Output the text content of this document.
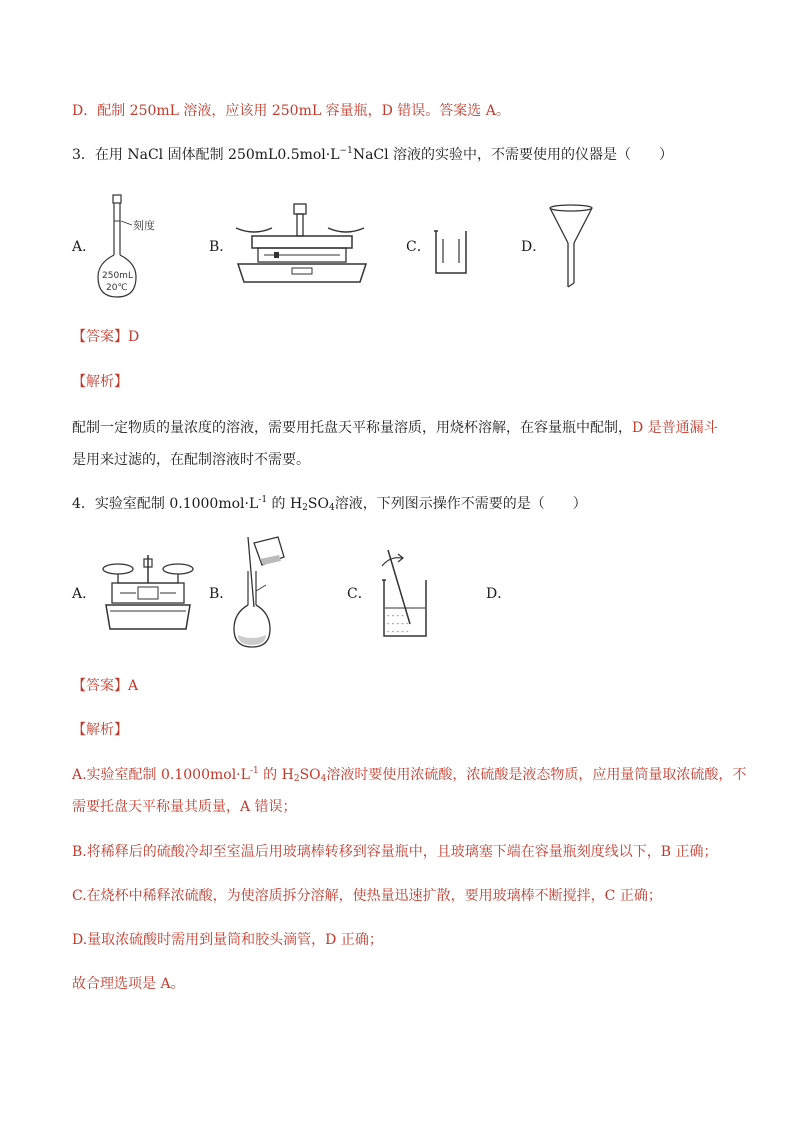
D．配制 250mL 溶液，应该用 250mL 容量瓶，D 错误。答案选 A。
3．在用 NaCl 固体配制 $250mL0.5mol\cdot L^{-1}NaCl$ 溶液的实验中，不需要使用的仪器是（　　）
A．
刻度
250mL
20℃
B．	C．	D．
【答案】D
【解析】
配制一定物质的量浓度的溶液，需要用托盘天平称量溶质，用烧杯溶解，在容量瓶中配制，D 是普通漏斗
是用来过滤的，在配制溶液时不需要。
4．实验室配制 $0.1000mol\cdot L^{-1}$ 的 $H_2SO_4$溶液，下列图示操作不需要的是（　　）
A．	B．	C．
- - - - -
- - - - -
- - - - -
D．
【答案】A
【解析】
A.实验室配制 $0.1000mol\cdot L^{-1}$ 的 $H_2SO_4$溶液时要使用浓硫酸，浓硫酸是液态物质，应用量筒量取浓硫酸，不
需要托盘天平称量其质量，A 错误；
B.将稀释后的硫酸冷却至室温后用玻璃棒转移到容量瓶中，且玻璃塞下端在容量瓶刻度线以下，B 正确；
C.在烧杯中稀释浓硫酸，为使溶质拆分溶解，使热量迅速扩散，要用玻璃棒不断搅拌，C 正确；
D.量取浓硫酸时需用到量筒和胶头滴管，D 正确；
故合理选项是 A。
